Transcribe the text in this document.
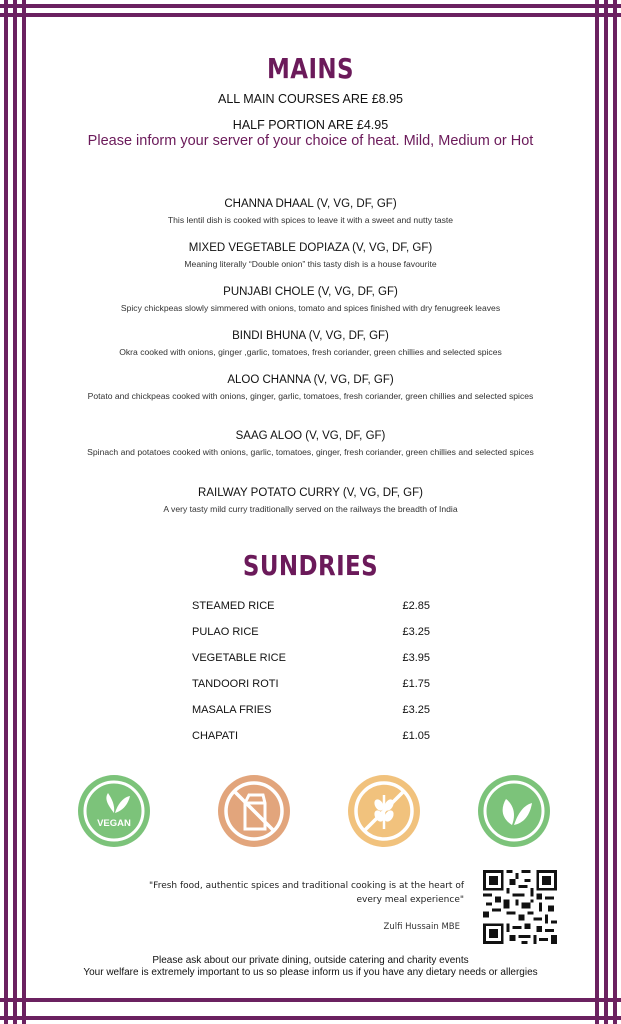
MAINS
ALL MAIN COURSES ARE £8.95
HALF PORTION ARE £4.95
Please inform your server of your choice of heat. Mild, Medium or Hot
CHANNA DHAAL (V, VG, DF, GF)
This lentil dish is cooked with spices to leave it with a sweet and nutty taste
MIXED VEGETABLE DOPIAZA (V, VG, DF, GF)
Meaning literally “Double onion” this tasty dish is a house favourite
PUNJABI CHOLE (V, VG, DF, GF)
Spicy chickpeas slowly simmered with onions, tomato and spices finished with dry fenugreek leaves
BINDI BHUNA (V, VG, DF, GF)
Okra cooked with onions, ginger ,garlic, tomatoes, fresh coriander, green chillies and selected spices
ALOO CHANNA (V, VG, DF, GF)
Potato and chickpeas cooked with onions, ginger, garlic, tomatoes, fresh coriander, green chillies and selected spices
SAAG ALOO (V, VG, DF, GF)
Spinach and potatoes cooked with onions, garlic, tomatoes, ginger, fresh coriander, green chillies and selected spices
RAILWAY POTATO CURRY (V, VG, DF, GF)
A very tasty mild curry traditionally served on the railways the breadth of India
SUNDRIES
STEAMED RICE	£2.85
PULAO RICE	£3.25
VEGETABLE RICE	£3.95
TANDOORI ROTI	£1.75
MASALA FRIES	£3.25
CHAPATI	£1.05
VEGAN
"Fresh food, authentic spices and traditional cooking is at the heart of every meal experience"
Zulfi Hussain MBE
Please ask about our private dining, outside catering and charity events
Your welfare is extremely important to us so please inform us if you have any dietary needs or allergies
